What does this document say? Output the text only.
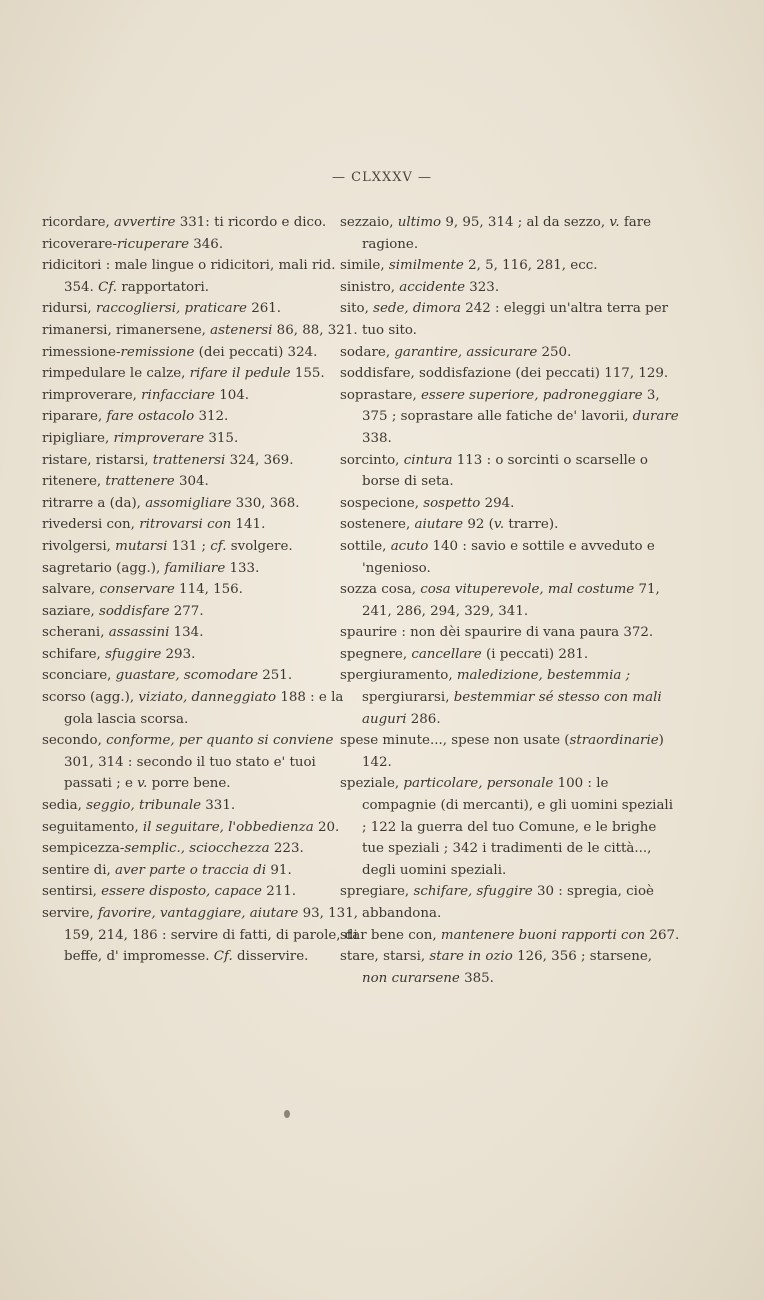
— CLXXXV —

ricordare, avvertire 331: ti ricordo e dico.

ricoverare-ricuperare 346.

ridicitori : male lingue o ridicitori, mali rid. 354. Cf. rapportatori.

ridursi, raccogliersi, praticare 261.

rimanersi, rimanersene, astenersi 86, 88, 321.

rimessione-remissione (dei peccati) 324.

rimpedulare le calze, rifare il pedule 155.

rimproverare, rinfacciare 104.

riparare, fare ostacolo 312.

ripigliare, rimproverare 315.

ristare, ristarsi, trattenersi 324, 369.

ritenere, trattenere 304.

ritrarre a (da), assomigliare 330, 368.

rivedersi con, ritrovarsi con 141.

rivolgersi, mutarsi 131 ; cf. svolgere.

sagretario (agg.), familiare 133.

salvare, conservare 114, 156.

saziare, soddisfare 277.

scherani, assassini 134.

schifare, sfuggire 293.

sconciare, guastare, scomodare 251.

scorso (agg.), viziato, danneggiato 188 : e la gola lascia scorsa.

secondo, conforme, per quanto si conviene 301, 314 : secondo il tuo stato e' tuoi passati ; e v. porre bene.

sedia, seggio, tribunale 331.

seguitamento, il seguitare, l'obbedienza 20.

sempicezza-semplic., sciocchezza 223.

sentire di, aver parte o traccia di 91.

sentirsi, essere disposto, capace 211.

servire, favorire, vantaggiare, aiutare 93, 131, 159, 214, 186 : servire di fatti, di parole, di beffe, d' impromesse. Cf. disservire.

sezzaio, ultimo 9, 95, 314 ; al da sezzo, v. fare ragione.

simile, similmente 2, 5, 116, 281, ecc.

sinistro, accidente 323.

sito, sede, dimora 242 : eleggi un'altra terra per tuo sito.

sodare, garantire, assicurare 250.

soddisfare, soddisfazione (dei peccati) 117, 129.

soprastare, essere superiore, padroneggiare 3, 375 ; soprastare alle fatiche de' lavorii, durare 338.

sorcinto, cintura 113 : o sorcinti o scarselle o borse di seta.

sospecione, sospetto 294.

sostenere, aiutare 92 (v. trarre).

sottile, acuto 140 : savio e sottile e avveduto e 'ngenioso.

sozza cosa, cosa vituperevole, mal costume 71, 241, 286, 294, 329, 341.

spaurire : non dèi spaurire di vana paura 372.

spegnere, cancellare (i peccati) 281.

spergiuramento, maledizione, bestemmia ; spergiurarsi, bestemmiar sé stesso con mali auguri 286.

spese minute..., spese non usate (straordinarie) 142.

speziale, particolare, personale 100 : le compagnie (di mercanti), e gli uomini speziali ; 122 la guerra del tuo Comune, e le brighe tue speziali ; 342 i tradimenti de le città..., degli uomini speziali.

spregiare, schifare, sfuggire 30 : spregia, cioè abbandona.

star bene con, mantenere buoni rapporti con 267.

stare, starsi, stare in ozio 126, 356 ; starsene, non curarsene 385.
